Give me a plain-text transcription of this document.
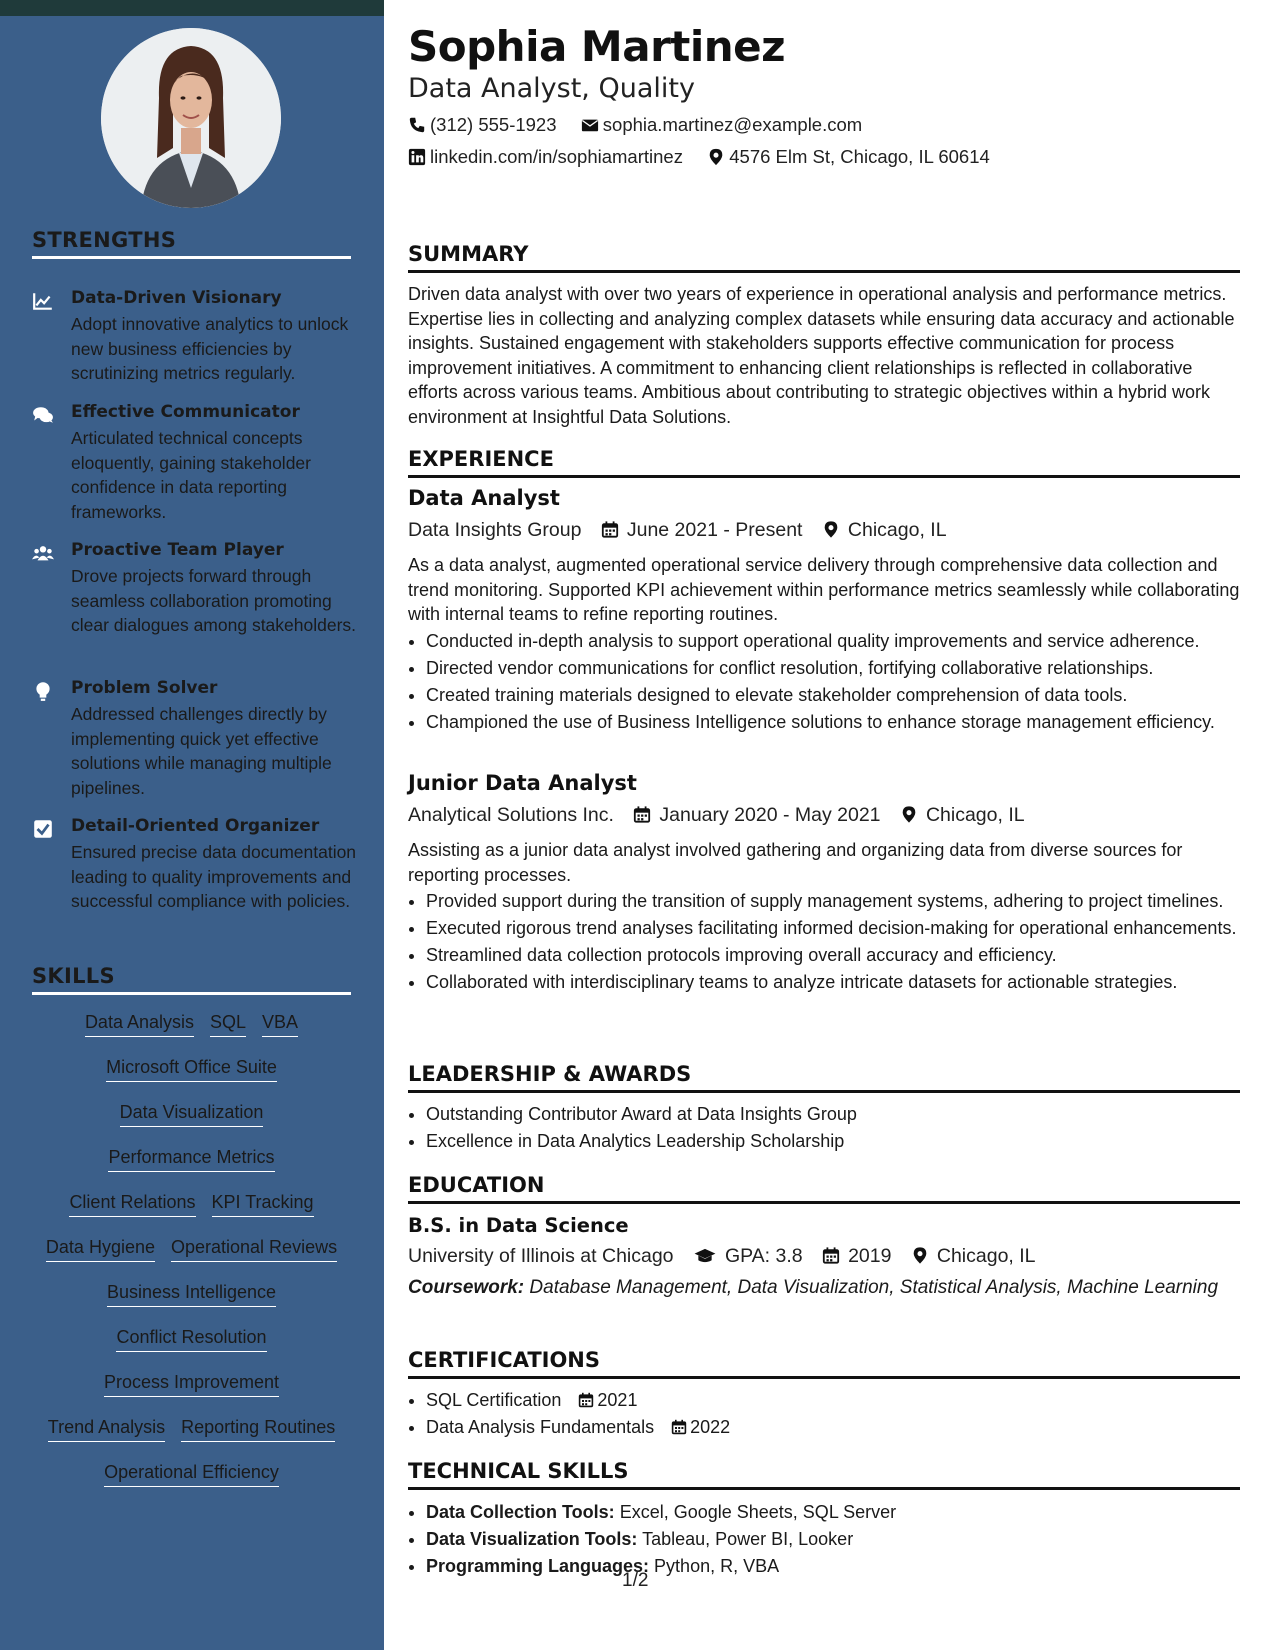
STRENGTHS
Data-Driven Visionary
Adopt innovative analytics to unlock new business efficiencies by scrutinizing metrics regularly.
Effective Communicator
Articulated technical concepts eloquently, gaining stakeholder confidence in data reporting frameworks.
Proactive Team Player
Drove projects forward through seamless collaboration promoting clear dialogues among stakeholders.
Problem Solver
Addressed challenges directly by implementing quick yet effective solutions while managing multiple pipelines.
Detail-Oriented Organizer
Ensured precise data documentation leading to quality improvements and successful compliance with policies.
SKILLS
Data Analysis SQL VBA
Microsoft Office Suite
Data Visualization
Performance Metrics
Client Relations KPI Tracking
Data Hygiene Operational Reviews
Business Intelligence
Conflict Resolution
Process Improvement
Trend Analysis Reporting Routines
Operational Efficiency
Sophia Martinez
Data Analyst, Quality
(312) 555-1923	sophia.martinez@example.com
linkedin.com/in/sophiamartinez	4576 Elm St, Chicago, IL 60614
SUMMARY
Driven data analyst with over two years of experience in operational analysis and performance metrics. Expertise lies in collecting and analyzing complex datasets while ensuring data accuracy and actionable insights. Sustained engagement with stakeholders supports effective communication for process improvement initiatives. A commitment to enhancing client relationships is reflected in collaborative efforts across various teams. Ambitious about contributing to strategic objectives within a hybrid work environment at Insightful Data Solutions.
EXPERIENCE
Data Analyst
Data Insights Group June 2021 - Present Chicago, IL
As a data analyst, augmented operational service delivery through comprehensive data collection and trend monitoring. Supported KPI achievement within performance metrics seamlessly while collaborating with internal teams to refine reporting routines.
• Conducted in-depth analysis to support operational quality improvements and service adherence.
• Directed vendor communications for conflict resolution, fortifying collaborative relationships.
• Created training materials designed to elevate stakeholder comprehension of data tools.
• Championed the use of Business Intelligence solutions to enhance storage management efficiency.
Junior Data Analyst
Analytical Solutions Inc. January 2020 - May 2021 Chicago, IL
Assisting as a junior data analyst involved gathering and organizing data from diverse sources for reporting processes.
• Provided support during the transition of supply management systems, adhering to project timelines.
• Executed rigorous trend analyses facilitating informed decision-making for operational enhancements.
• Streamlined data collection protocols improving overall accuracy and efficiency.
• Collaborated with interdisciplinary teams to analyze intricate datasets for actionable strategies.
LEADERSHIP & AWARDS
• Outstanding Contributor Award at Data Insights Group
• Excellence in Data Analytics Leadership Scholarship
EDUCATION
B.S. in Data Science
University of Illinois at Chicago	GPA: 3.8 2019 Chicago, IL
Coursework: Database Management, Data Visualization, Statistical Analysis, Machine Learning
CERTIFICATIONS
• SQL Certification 2021
• Data Analysis Fundamentals 2022
TECHNICAL SKILLS
• Data Collection Tools: Excel, Google Sheets, SQL Server
• Data Visualization Tools: Tableau, Power BI, Looker
• Programming Languages: Python, R, VBA
1/2
